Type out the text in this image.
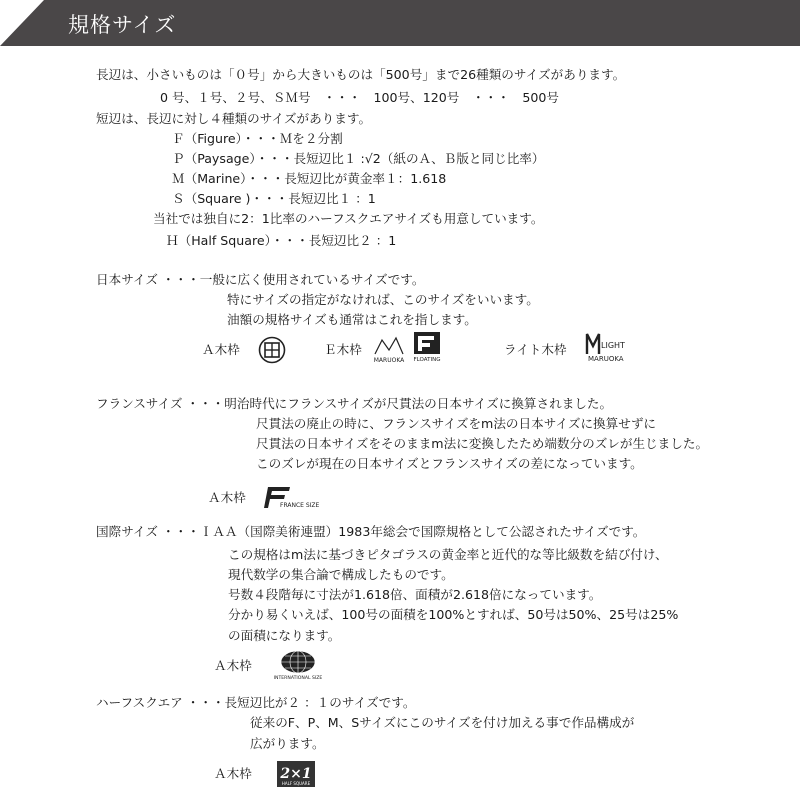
規格サイズ
長辺は、小さいものは「０号」から大きいものは「500号」まで26種類のサイズがあります。
0 号、１号、２号、ＳＭ号　・・・　100号、120号　・・・　500号
短辺は、長辺に対し４種類のサイズがあります。
Ｆ（Figure）・・・Ｍを２分割
Ｐ（Paysage）・・・長短辺比１ :√2（紙のＡ、Ｂ版と同じ比率）
Ｍ（Marine）・・・長短辺比が黄金率１：1.618
Ｓ（Square )・・・長短辺比１ ：1
当社では独自に2：1比率のハーフスクエアサイズも用意しています。
Ｈ（Half Square）・・・長短辺比２ ：1
日本サイズ ・・・一般に広く使用されているサイズです。
特にサイズの指定がなければ、このサイズをいいます。
油額の規格サイズも通常はこれを指します。
Ａ木枠	Ｅ木枠
MARUOKA FLOATING
ライト木枠	LIGHT
MARUOKA
フランスサイズ ・・・明治時代にフランスサイズが尺貫法の日本サイズに換算されました。
尺貫法の廃止の時に、フランスサイズをm法の日本サイズに換算せずに
尺貫法の日本サイズをそのままm法に変換したため端数分のズレが生じました。
このズレが現在の日本サイズとフランスサイズの差になっています。
Ａ木枠
FRANCE SIZE
国際サイズ ・・・ＩＡＡ（国際美術連盟）1983年総会で国際規格として公認されたサイズです。
この規格はm法に基づきピタゴラスの黄金率と近代的な等比級数を結び付け、
現代数学の集合論で構成したものです。
号数４段階毎に寸法が1.618倍、面積が2.618倍になっています。
分かり易くいえば、100号の面積を100%とすれば、50号は50%、25号は25%
の面積になります。
Ａ木枠
INTERNATIONAL SIZE
ハーフスクエア ・・・長短辺比が２ ：１のサイズです。
従来のF、P、M、Sサイズにこのサイズを付け加える事で作品構成が
広がります。
Ａ木枠 2×1
HALF SQUARE
